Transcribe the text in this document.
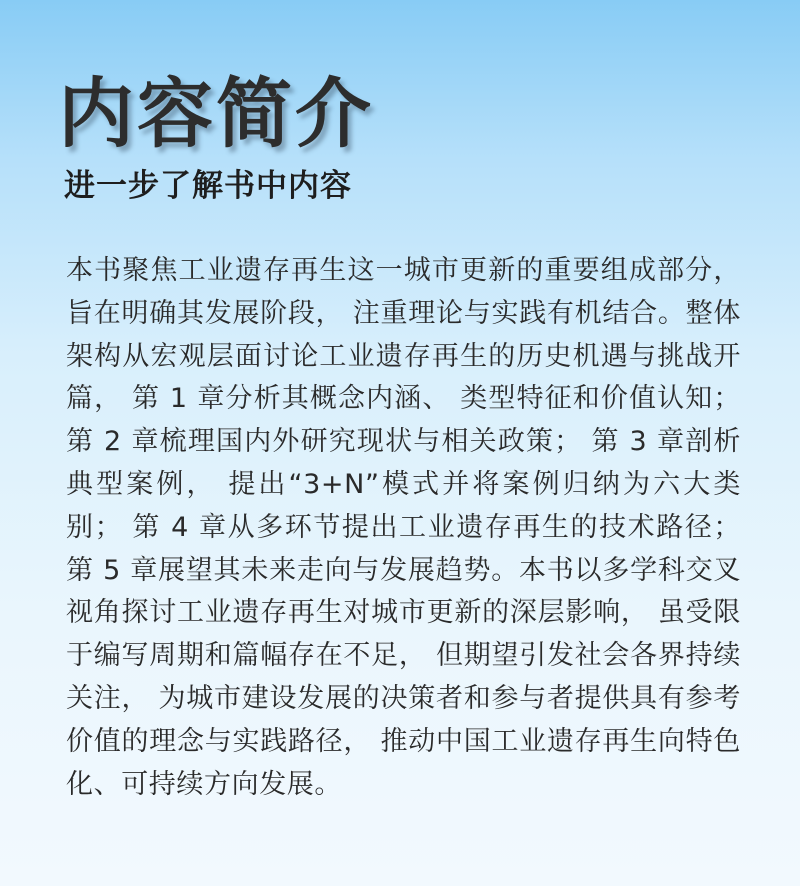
内容简介
进一步了解书中内容

本书聚焦工业遗存再生这一城市更新的重要组成部分， 旨在明确其发展阶段， 注重理论与实践有机结合。整体架构从宏观层面讨论工业遗存再生的历史机遇与挑战开篇， 第 1 章分析其概念内涵、 类型特征和价值认知； 第 2 章梳理国内外研究现状与相关政策； 第 3 章剖析典型案例， 提出“3+N”模式并将案例归纳为六大类别； 第 4 章从多环节提出工业遗存再生的技术路径； 第 5 章展望其未来走向与发展趋势。本书以多学科交叉视角探讨工业遗存再生对城市更新的深层影响， 虽受限于编写周期和篇幅存在不足， 但期望引发社会各界持续关注， 为城市建设发展的决策者和参与者提供具有参考价值的理念与实践路径， 推动中国工业遗存再生向特色化、可持续方向发展。
